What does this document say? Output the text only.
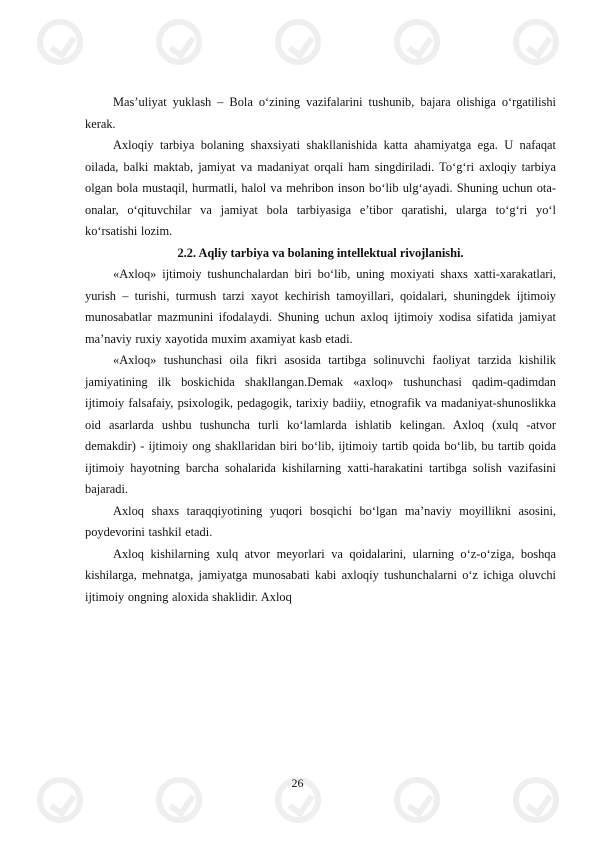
Mas’uliyat yuklash – Bola o‘zining vazifalarini tushunib, bajara olishiga o‘rgatilishi kerak.

Axloqiy tarbiya bolaning shaxsiyati shakllanishida katta ahamiyatga ega. U nafaqat oilada, balki maktab, jamiyat va madaniyat orqali ham singdiriladi. To‘g‘ri axloqiy tarbiya olgan bola mustaqil, hurmatli, halol va mehribon inson bo‘lib ulg‘ayadi. Shuning uchun ota-onalar, o‘qituvchilar va jamiyat bola tarbiyasiga e’tibor qaratishi, ularga to‘g‘ri yo‘l ko‘rsatishi lozim.

2.2. Aqliy tarbiya va bolaning intellektual rivojlanishi.

«Axloq» ijtimoiy tushunchalardan biri bo‘lib, uning moxiyati shaxs xatti-xarakatlari, yurish – turishi, turmush tarzi xayot kechirish tamoyillari, qoidalari, shuningdek ijtimoiy munosabatlar mazmunini ifodalaydi. Shuning uchun axloq ijtimoiy xodisa sifatida jamiyat ma’naviy ruxiy xayotida muxim axamiyat kasb etadi.

«Axloq» tushunchasi oila fikri asosida tartibga solinuvchi faoliyat tarzida kishilik jamiyatining ilk boskichida shakllangan.Demak «axloq» tushunchasi qadim-qadimdan ijtimoiy falsafaiy, psixologik, pedagogik, tarixiy badiiy, etnografik va madaniyat-shunoslikka oid asarlarda ushbu tushuncha turli ko‘lamlarda ishlatib kelingan. Axloq (xulq -atvor demakdir) - ijtimoiy ong shakllaridan biri bo‘lib, ijtimoiy tartib qoida bo‘lib, bu tartib qoida ijtimoiy hayotning barcha sohalarida kishilarning xatti-harakatini tartibga solish vazifasini bajaradi.

Axloq shaxs taraqqiyotining yuqori bosqichi bo‘lgan ma’naviy moyillikni asosini, poydevorini tashkil etadi.

Axloq kishilarning xulq atvor meyorlari va qoidalarini, ularning o‘z-o‘ziga, boshqa kishilarga, mehnatga, jamiyatga munosabati kabi axloqiy tushunchalarni o‘z ichiga oluvchi ijtimoiy ongning aloxida shaklidir. Axloq

26
